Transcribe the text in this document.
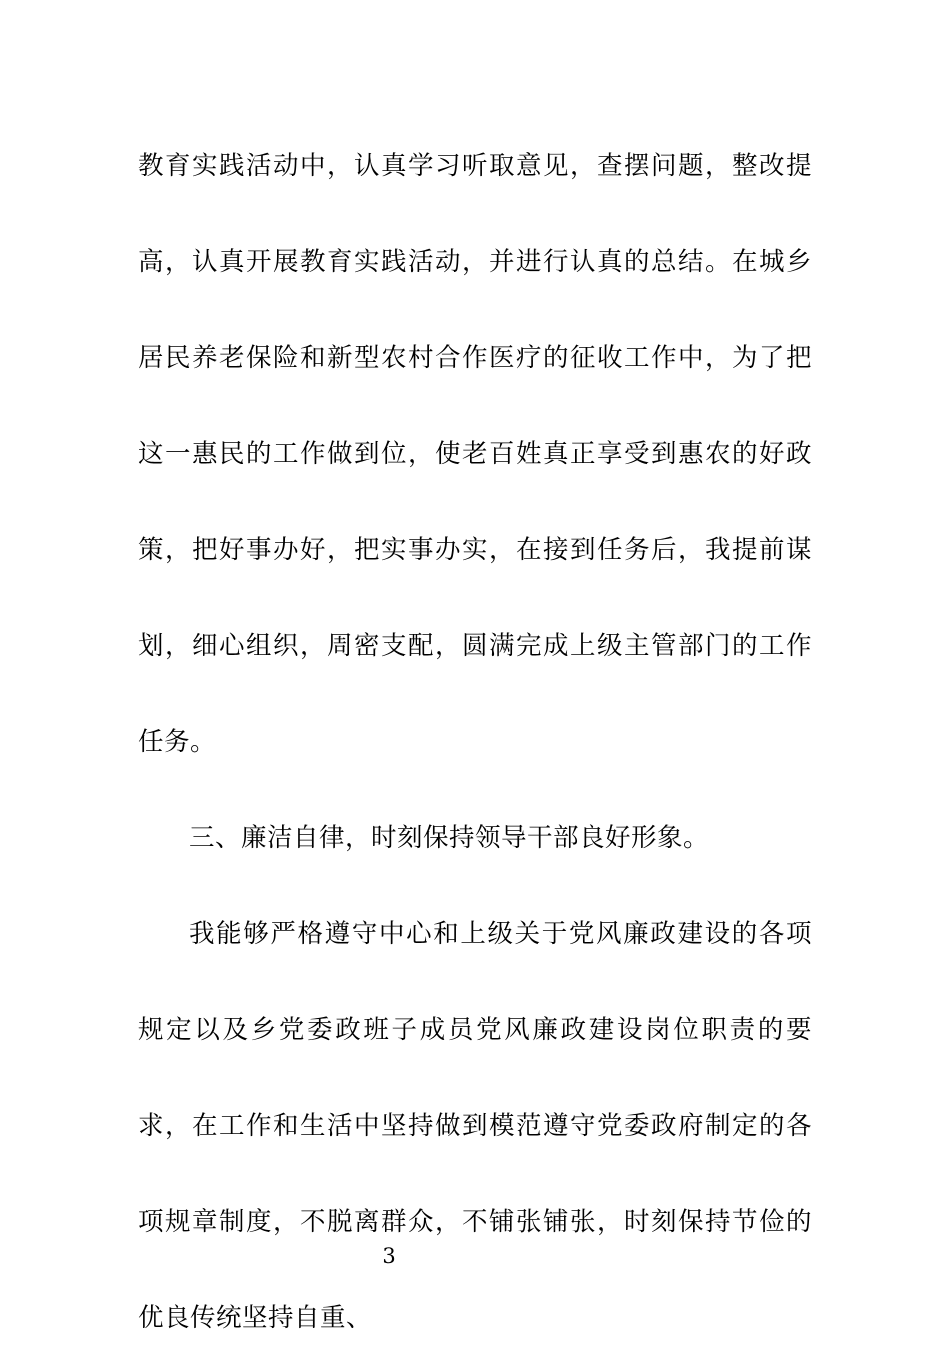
教育实践活动中，认真学习听取意见，查摆问题，整改提高，认真开展教育实践活动，并进行认真的总结。在城乡居民养老保险和新型农村合作医疗的征收工作中，为了把这一惠民的工作做到位，使老百姓真正享受到惠农的好政策，把好事办好，把实事办实，在接到任务后，我提前谋划，细心组织，周密支配，圆满完成上级主管部门的工作任务。

三、廉洁自律，时刻保持领导干部良好形象。

我能够严格遵守中心和上级关于党风廉政建设的各项规定以及乡党委政班子成员党风廉政建设岗位职责的要求，在工作和生活中坚持做到模范遵守党委政府制定的各项规章制度，不脱离群众，不铺张铺张，时刻保持节俭的优良传统坚持自重、

3
